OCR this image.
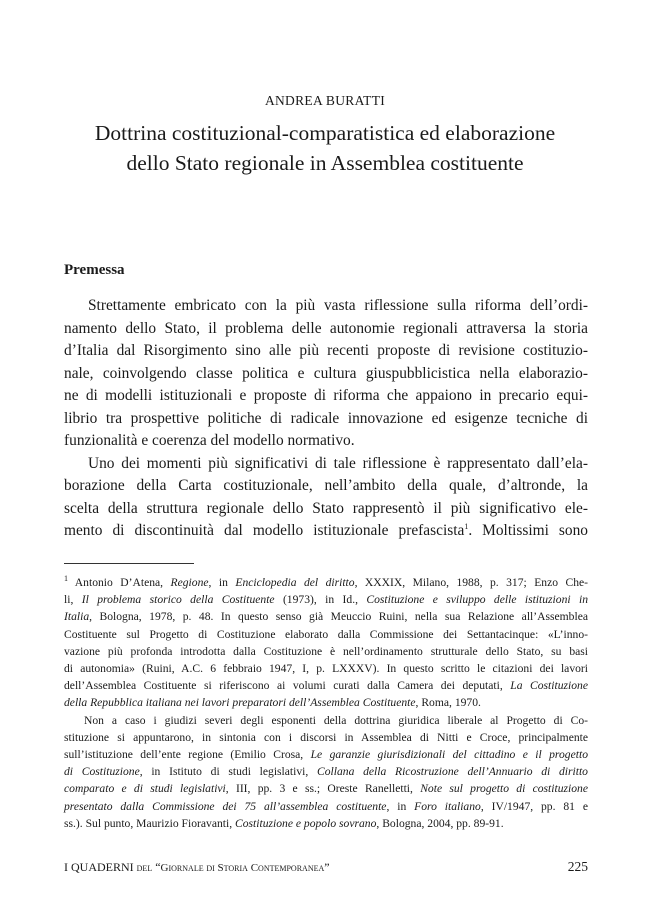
ANDREA BURATTI
Dottrina costituzional-comparatistica ed elaborazione
dello Stato regionale in Assemblea costituente
Premessa
Strettamente embricato con la più vasta riflessione sulla riforma dell’ordi-
namento dello Stato, il problema delle autonomie regionali attraversa la storia
d’Italia dal Risorgimento sino alle più recenti proposte di revisione costituzio-
nale, coinvolgendo classe politica e cultura giuspubblicistica nella elaborazio-
ne di modelli istituzionali e proposte di riforma che appaiono in precario equi-
librio tra prospettive politiche di radicale innovazione ed esigenze tecniche di
funzionalità e coerenza del modello normativo.
Uno dei momenti più significativi di tale riflessione è rappresentato dall’ela-
borazione della Carta costituzionale, nell’ambito della quale, d’altronde, la
scelta della struttura regionale dello Stato rappresentò il più significativo ele-
mento di discontinuità dal modello istituzionale prefascista$^1$. Moltissimi sono
$^1$ Antonio D’Atena, Regione, in Enciclopedia del diritto, XXXIX, Milano, 1988, p. 317; Enzo Che-
li, Il problema storico della Costituente (1973), in Id., Costituzione e sviluppo delle istituzioni in
Italia, Bologna, 1978, p. 48. In questo senso già Meuccio Ruini, nella sua Relazione all’Assemblea
Costituente sul Progetto di Costituzione elaborato dalla Commissione dei Settantacinque: «L’inno-
vazione più profonda introdotta dalla Costituzione è nell’ordinamento strutturale dello Stato, su basi
di autonomia» (Ruini, A.C. 6 febbraio 1947, I, p. LXXXV). In questo scritto le citazioni dei lavori
dell’Assemblea Costituente si riferiscono ai volumi curati dalla Camera dei deputati, La Costituzione
della Repubblica italiana nei lavori preparatori dell’Assemblea Costituente, Roma, 1970.
Non a caso i giudizi severi degli esponenti della dottrina giuridica liberale al Progetto di Co-
stituzione si appuntarono, in sintonia con i discorsi in Assemblea di Nitti e Croce, principalmente
sull’istituzione dell’ente regione (Emilio Crosa, Le garanzie giurisdizionali del cittadino e il progetto
di Costituzione, in Istituto di studi legislativi, Collana della Ricostruzione dell’Annuario di diritto
comparato e di studi legislativi, III, pp. 3 e ss.; Oreste Ranelletti, Note sul progetto di costituzione
presentato dalla Commissione dei 75 all’assemblea costituente, in Foro italiano, IV/1947, pp. 81 e
ss.). Sul punto, Maurizio Fioravanti, Costituzione e popolo sovrano, Bologna, 2004, pp. 89-91.
I QUADERNI del “Giornale di Storia Contemporanea”	225
